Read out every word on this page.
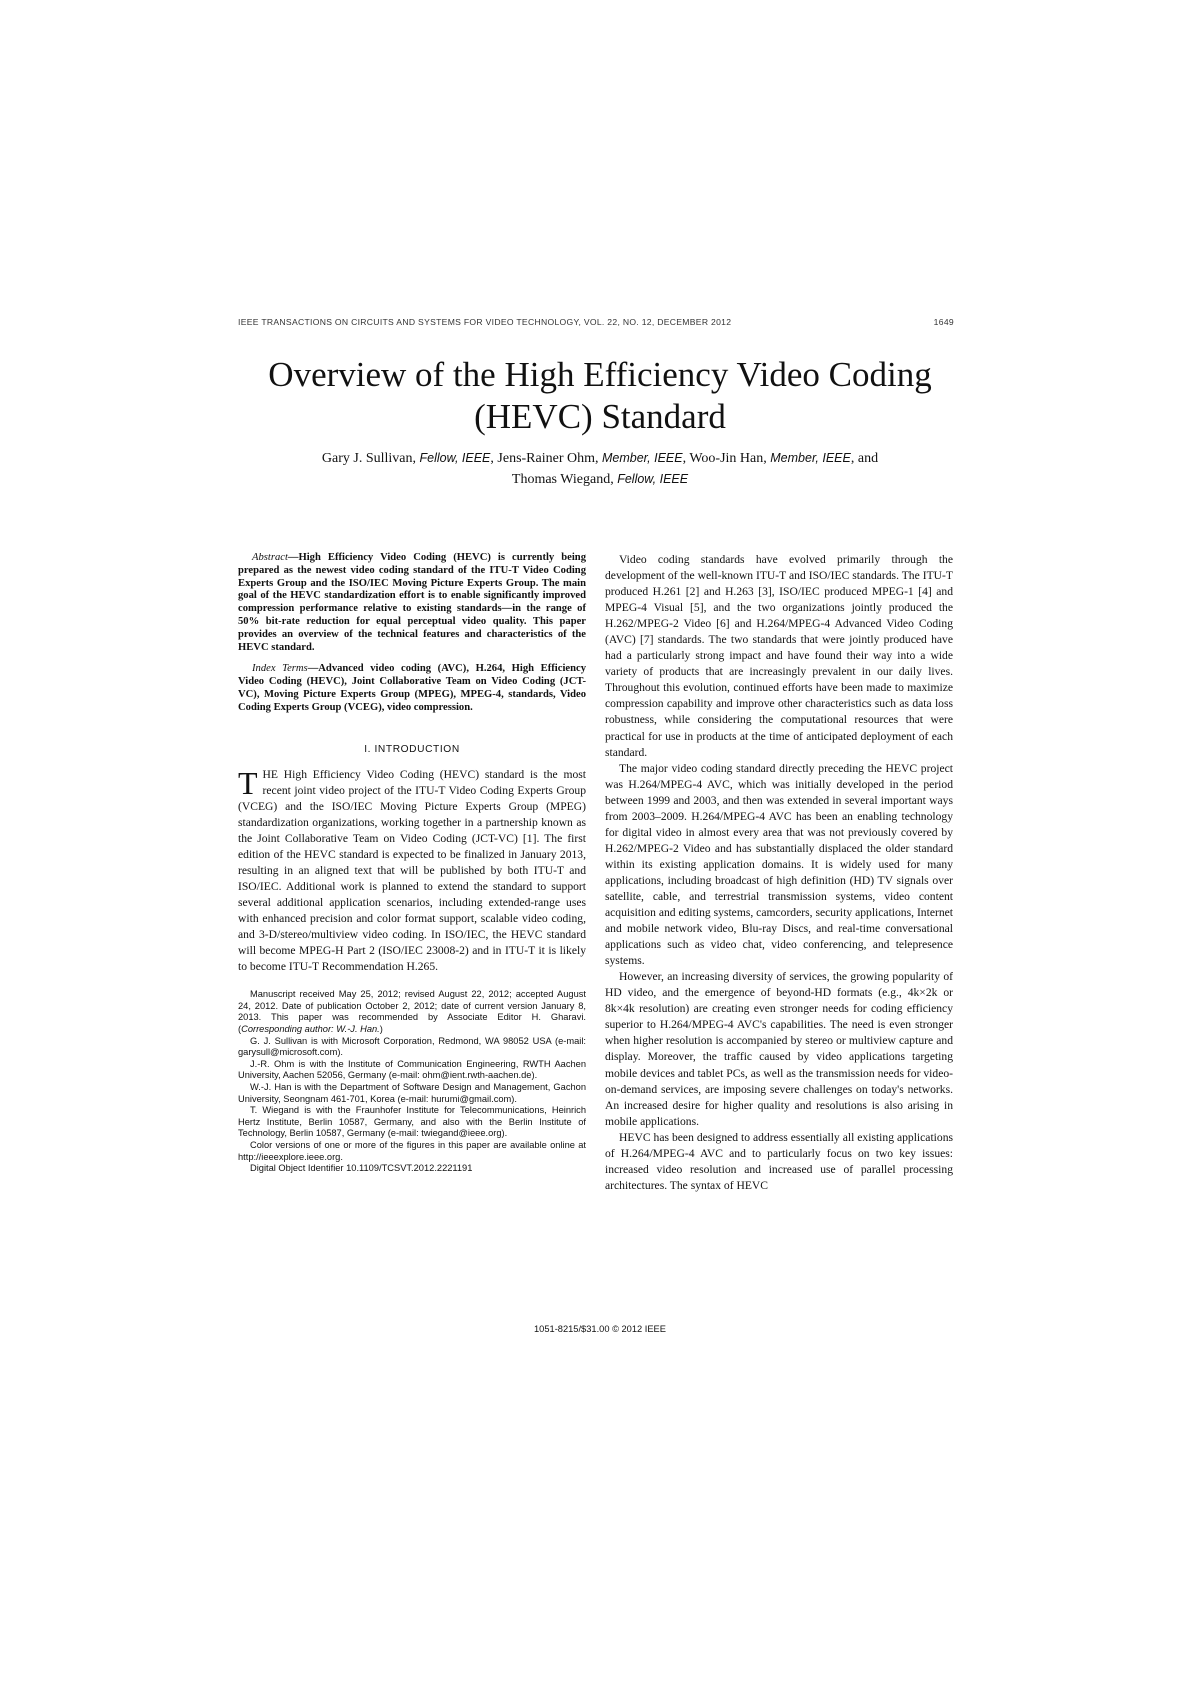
IEEE TRANSACTIONS ON CIRCUITS AND SYSTEMS FOR VIDEO TECHNOLOGY, VOL. 22, NO. 12, DECEMBER 2012	1649
Overview of the High Efficiency Video Coding
(HEVC) Standard

Gary J. Sullivan, Fellow, IEEE, Jens-Rainer Ohm, Member, IEEE, Woo-Jin Han, Member, IEEE, and
Thomas Wiegand, Fellow, IEEE

Abstract—High Efficiency Video Coding (HEVC) is currently being prepared as the newest video coding standard of the ITU-T Video Coding Experts Group and the ISO/IEC Moving Picture Experts Group. The main goal of the HEVC standardization effort is to enable significantly improved compression performance relative to existing standards—in the range of 50% bit-rate reduction for equal perceptual video quality. This paper provides an overview of the technical features and characteristics of the HEVC standard.

Index Terms—Advanced video coding (AVC), H.264, High Efficiency Video Coding (HEVC), Joint Collaborative Team on Video Coding (JCT-VC), Moving Picture Experts Group (MPEG), MPEG-4, standards, Video Coding Experts Group (VCEG), video compression.

I. INTRODUCTION

THE High Efficiency Video Coding (HEVC) standard is the most recent joint video project of the ITU-T Video Coding Experts Group (VCEG) and the ISO/IEC Moving Picture Experts Group (MPEG) standardization organizations, working together in a partnership known as the Joint Collaborative Team on Video Coding (JCT-VC) [1]. The first edition of the HEVC standard is expected to be finalized in January 2013, resulting in an aligned text that will be published by both ITU-T and ISO/IEC. Additional work is planned to extend the standard to support several additional application scenarios, including extended-range uses with enhanced precision and color format support, scalable video coding, and 3-D/stereo/multiview video coding. In ISO/IEC, the HEVC standard will become MPEG-H Part 2 (ISO/IEC 23008-2) and in ITU-T it is likely to become ITU-T Recommendation H.265.

Manuscript received May 25, 2012; revised August 22, 2012; accepted August 24, 2012. Date of publication October 2, 2012; date of current version January 8, 2013. This paper was recommended by Associate Editor H. Gharavi. (Corresponding author: W.-J. Han.)

G. J. Sullivan is with Microsoft Corporation, Redmond, WA 98052 USA (e-mail: garysull@microsoft.com).

J.-R. Ohm is with the Institute of Communication Engineering, RWTH Aachen University, Aachen 52056, Germany (e-mail: ohm@ient.rwth-aachen.de).

W.-J. Han is with the Department of Software Design and Management, Gachon University, Seongnam 461-701, Korea (e-mail: hurumi@gmail.com).

T. Wiegand is with the Fraunhofer Institute for Telecommunications, Heinrich Hertz Institute, Berlin 10587, Germany, and also with the Berlin Institute of Technology, Berlin 10587, Germany (e-mail: twiegand@ieee.org).

Color versions of one or more of the figures in this paper are available online at http://ieeexplore.ieee.org.

Digital Object Identifier 10.1109/TCSVT.2012.2221191

Video coding standards have evolved primarily through the development of the well-known ITU-T and ISO/IEC standards. The ITU-T produced H.261 [2] and H.263 [3], ISO/IEC produced MPEG-1 [4] and MPEG-4 Visual [5], and the two organizations jointly produced the H.262/MPEG-2 Video [6] and H.264/MPEG-4 Advanced Video Coding (AVC) [7] standards. The two standards that were jointly produced have had a particularly strong impact and have found their way into a wide variety of products that are increasingly prevalent in our daily lives. Throughout this evolution, continued efforts have been made to maximize compression capability and improve other characteristics such as data loss robustness, while considering the computational resources that were practical for use in products at the time of anticipated deployment of each standard.

The major video coding standard directly preceding the HEVC project was H.264/MPEG-4 AVC, which was initially developed in the period between 1999 and 2003, and then was extended in several important ways from 2003–2009. H.264/MPEG-4 AVC has been an enabling technology for digital video in almost every area that was not previously covered by H.262/MPEG-2 Video and has substantially displaced the older standard within its existing application domains. It is widely used for many applications, including broadcast of high definition (HD) TV signals over satellite, cable, and terrestrial transmission systems, video content acquisition and editing systems, camcorders, security applications, Internet and mobile network video, Blu-ray Discs, and real-time conversational applications such as video chat, video conferencing, and telepresence systems.

However, an increasing diversity of services, the growing popularity of HD video, and the emergence of beyond-HD formats (e.g., 4k×2k or 8k×4k resolution) are creating even stronger needs for coding efficiency superior to H.264/MPEG-4 AVC's capabilities. The need is even stronger when higher resolution is accompanied by stereo or multiview capture and display. Moreover, the traffic caused by video applications targeting mobile devices and tablet PCs, as well as the transmission needs for video-on-demand services, are imposing severe challenges on today's networks. An increased desire for higher quality and resolutions is also arising in mobile applications.

HEVC has been designed to address essentially all existing applications of H.264/MPEG-4 AVC and to particularly focus on two key issues: increased video resolution and increased use of parallel processing architectures. The syntax of HEVC

1051-8215/$31.00 © 2012 IEEE
